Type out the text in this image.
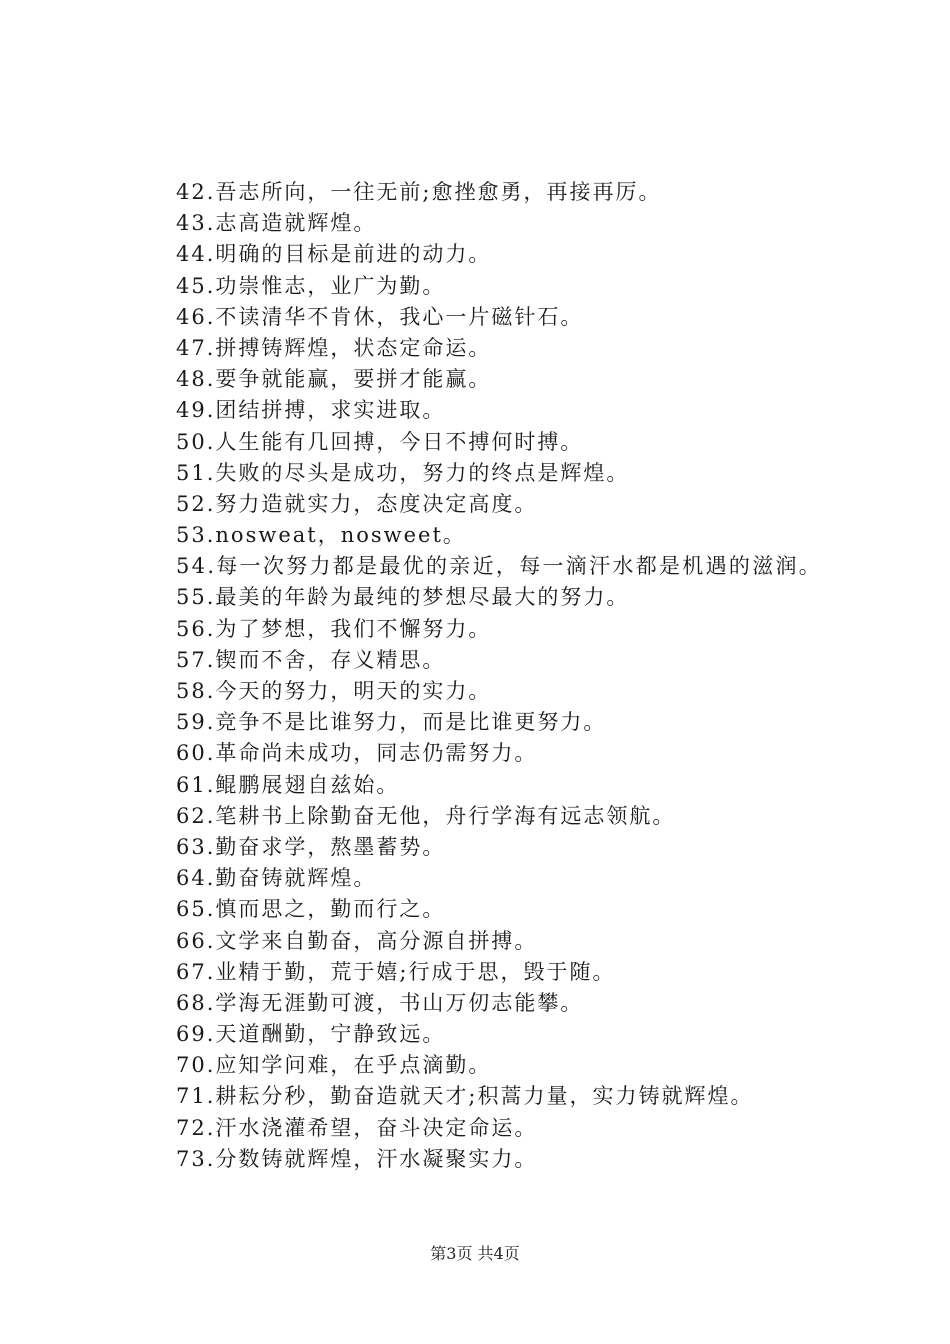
42.吾志所向，一往无前;愈挫愈勇，再接再厉。

43.志高造就辉煌。

44.明确的目标是前进的动力。

45.功崇惟志，业广为勤。

46.不读清华不肯休，我心一片磁针石。

47.拼搏铸辉煌，状态定命运。

48.要争就能赢，要拼才能赢。

49.团结拼搏，求实进取。

50.人生能有几回搏，今日不搏何时搏。

51.失败的尽头是成功，努力的终点是辉煌。

52.努力造就实力，态度决定高度。

53.nosweat，nosweet。

54.每一次努力都是最优的亲近，每一滴汗水都是机遇的滋润。

55.最美的年龄为最纯的梦想尽最大的努力。

56.为了梦想，我们不懈努力。

57.锲而不舍，存义精思。

58.今天的努力，明天的实力。

59.竞争不是比谁努力，而是比谁更努力。

60.革命尚未成功，同志仍需努力。

61.鲲鹏展翅自兹始。

62.笔耕书上除勤奋无他，舟行学海有远志领航。

63.勤奋求学，熬墨蓄势。

64.勤奋铸就辉煌。

65.慎而思之，勤而行之。

66.文学来自勤奋，高分源自拼搏。

67.业精于勤，荒于嬉;行成于思，毁于随。

68.学海无涯勤可渡，书山万仞志能攀。

69.天道酬勤，宁静致远。

70.应知学问难，在乎点滴勤。

71.耕耘分秒，勤奋造就天才;积蒿力量，实力铸就辉煌。

72.汗水浇灌希望，奋斗决定命运。

73.分数铸就辉煌，汗水凝聚实力。

第3页 共4页
